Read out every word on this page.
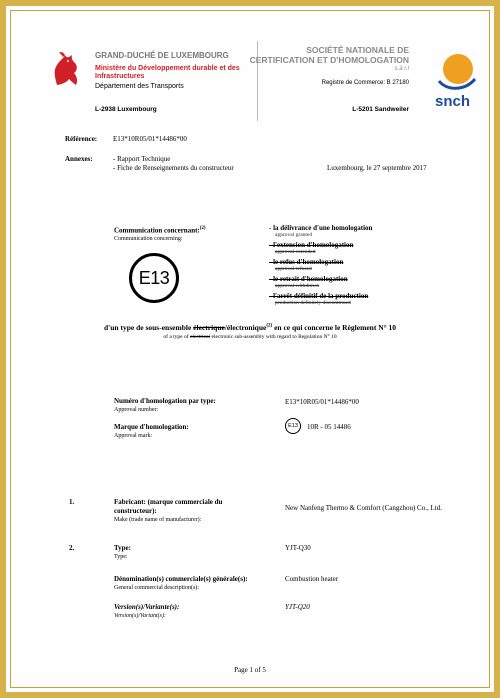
GRAND-DUCHÉ DE LUXEMBOURG
Ministère du Développement durable et des Infrastructures
Département des Transports
L-2938 Luxembourg
SOCIÉTÉ NATIONALE DE
CERTIFICATION ET D'HOMOLOGATION
s.à r.l
Registre de Commerce: B 27180
L-5201 Sandweiler snch
Référence: E13*10R05/01*14486*00
Annexes:	- Rapport Technique
- Fiche de Renseignements du constructeur	Luxembourg, le 27 septembre 2017
Communication concernant:$^{(2)}$
Communication concerning:
E13
- la délivrance d'une homologation
approval granted
- l'extension d'homologation
approval extended
- le refus d'homologation
approval refused
- le retrait d'homologation
approval withdrawn
- l'arrêt définitif de la production
production definitely discontinued
d'un type de sous-ensemble électrique/électronique$^{(2)}$ en ce qui concerne le Règlement N° 10
of a type of electrical electronic sub-assembly with regard to Regulation N° 10
Numéro d'homologation par type:
Approval number:
E13*10R05/01*14486*00
Marque d'homologation:
Approval mark:
E13 10R - 05 14486
1.	Fabricant: (marque commerciale du constructeur):
Make (trade name of manufacturer):
New Nanfeng Thermo & Comfort (Cangzhou) Co., Ltd.
2.	Type:
Type:
YJT-Q30
Dénomination(s) commerciale(s) générale(s):
General commercial description(s):
Combustion heater
Version(s)/Variante(s):
Version(s)/Variant(s):
YJT-Q20
Page 1 of 5
